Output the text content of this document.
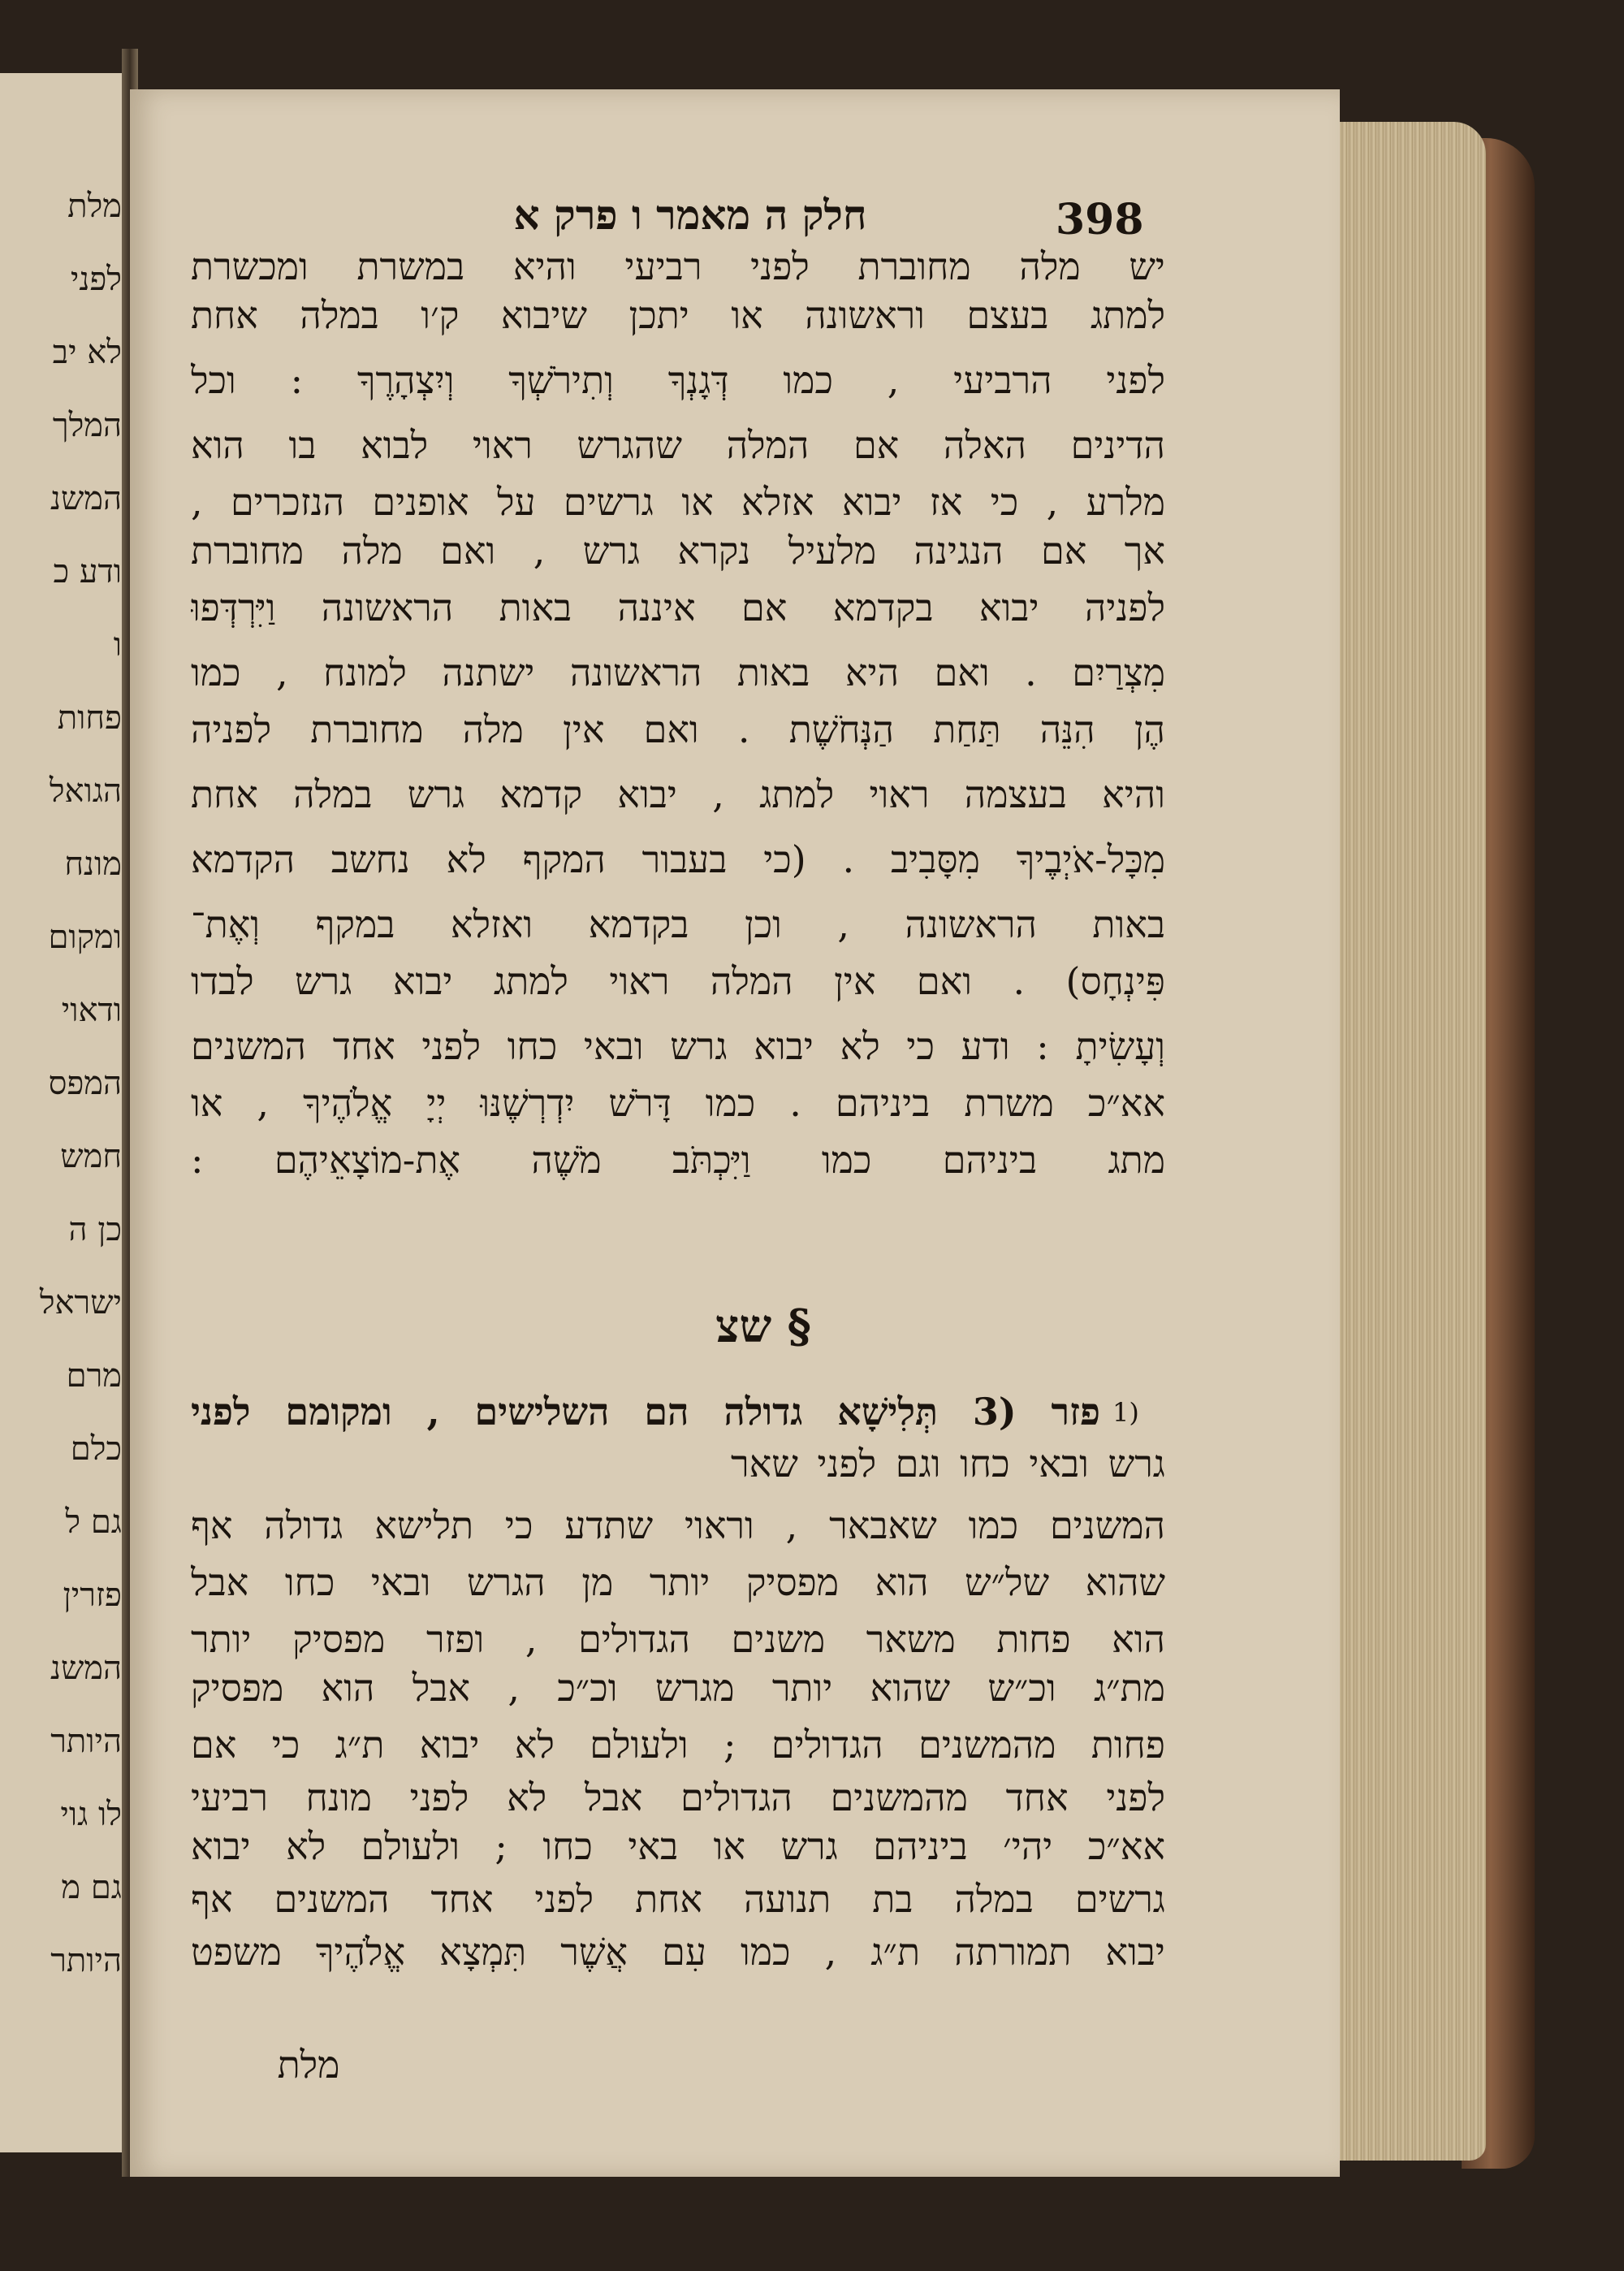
מלת
לפני
לא יב
המלך
המשנ
ודע כ
ו
פחות
הגואל
מונח
ומקום
ודאוי
המפס
חמש
כן ה
ישראל
מרם
כלם
גם ל
פזרין
המשנ
היותר
לו גוי
גם מ
היותר
חלק ה מאמר ו פרק א	398
יש מלה מחוברת לפני רביעי והיא במשרת ומכשרת
למתג בעצם וראשונה או יתכן שיבוא ק׳ו במלה אחת
לפני הרביעי , כמו דְּגָנְךָ וְתִירֹשְׁךָ וְיִצְהָרֶךָ : וכל
הדינים האלה אם המלה שהגרש ראוי לבוא בו הוא
מלרע , כי אז יבוא אזלא או גרשים על אופנים הנזכרים ,
אך אם הנגינה מלעיל נקרא גרש , ואם מלה מחוברת
לפניה יבוא בקדמא אם איננה באות הראשונה וַיִּרְדְּפוּ
מִצְרַיִם . ואם היא באות הראשונה ישתנה למונח , כמו
הֶן הִנֵּה תַּחַת הַנְּחֹשֶׁת . ואם אין מלה מחוברת לפניה
והיא בעצמה ראוי למתג , יבוא קדמא גרש במלה אחת
מִכָּל-אֹיְבֶיךָ מִסָּבִיב . (כי בעבור המקף לא נחשב הקדמא
באות הראשונה , וכן בקדמא ואזלא במקף וְאֶת־
פִּינְחָס) . ואם אין המלה ראוי למתג יבוא גרש לבדו
וְעָשִׂיתָ : ודע כי לא יבוא גרש ובאי כחו לפני אחד המשנים
אא״כ משרת ביניהם . כמו דָּרֹשׁ יִדְרְשֶׁנּוּ יְיָ אֱלֹהֶיךָ , או
מתג ביניהם כמו וַיִּכְתֹּב מֹשֶׁה אֶת-מוֹצָאֵיהֶם :
§ שצ
1)
פזר (3 תְּלִישָׁא גדולה הם השלישים , ומקומם לפני
גרש ובאי כחו וגם לפני שאר
המשנים כמו שאבאר , וראוי שתדע כי תלישא גדולה אף
שהוא של״ש הוא מפסיק יותר מן הגרש ובאי כחו אבל
הוא פחות משאר משנים הגדולים , ופזר מפסיק יותר
מת״ג וכ״ש שהוא יותר מגרש וכ״כ , אבל הוא מפסיק
פחות מהמשנים הגדולים ; ולעולם לא יבוא ת״ג כי אם
לפני אחד מהמשנים הגדולים אבל לא לפני מונח רביעי
אא״כ יהי׳ ביניהם גרש או באי כחו ; ולעולם לא יבוא
גרשים במלה בת תנועה אחת לפני אחד המשנים אף
יבוא תמורתה ת״ג , כמו עִם אֲשֶׁר תִּמְצָא אֱלֹהֶיךָ משפט
מלת
